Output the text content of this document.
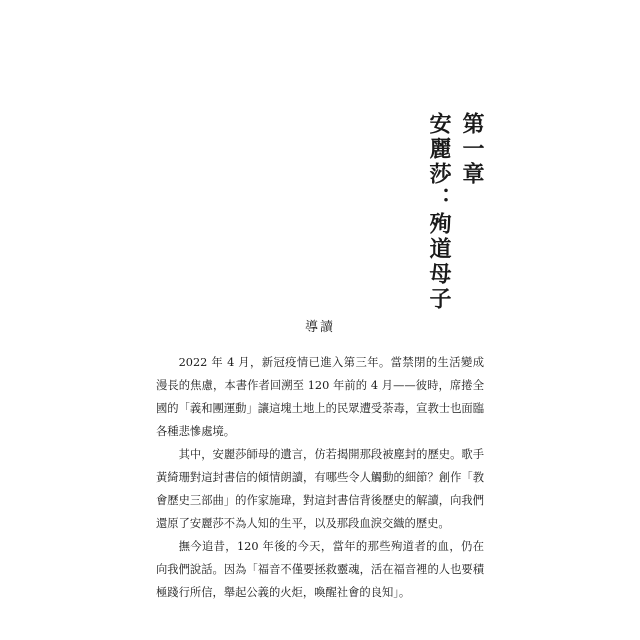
第一章
安麗莎：殉道母子
導讀

2022 年 4 月，新冠疫情已進入第三年。當禁閉的生活變成漫長的焦慮，本書作者回溯至 120 年前的 4 月——彼時，席捲全國的「義和團運動」讓這塊土地上的民眾遭受荼毒，宣教士也面臨各種悲慘處境。

其中，安麗莎師母的遺言，仿若揭開那段被塵封的歷史。歌手黃綺珊對這封書信的傾情朗讀，有哪些令人觸動的細節？創作「教會歷史三部曲」的作家施瑋，對這封書信背後歷史的解讀，向我們還原了安麗莎不為人知的生平，以及那段血淚交織的歷史。

撫今追昔，120 年後的今天，當年的那些殉道者的血，仍在向我們說話。因為「福音不僅要拯救靈魂，活在福音裡的人也要積極踐行所信，舉起公義的火炬，喚醒社會的良知」。
